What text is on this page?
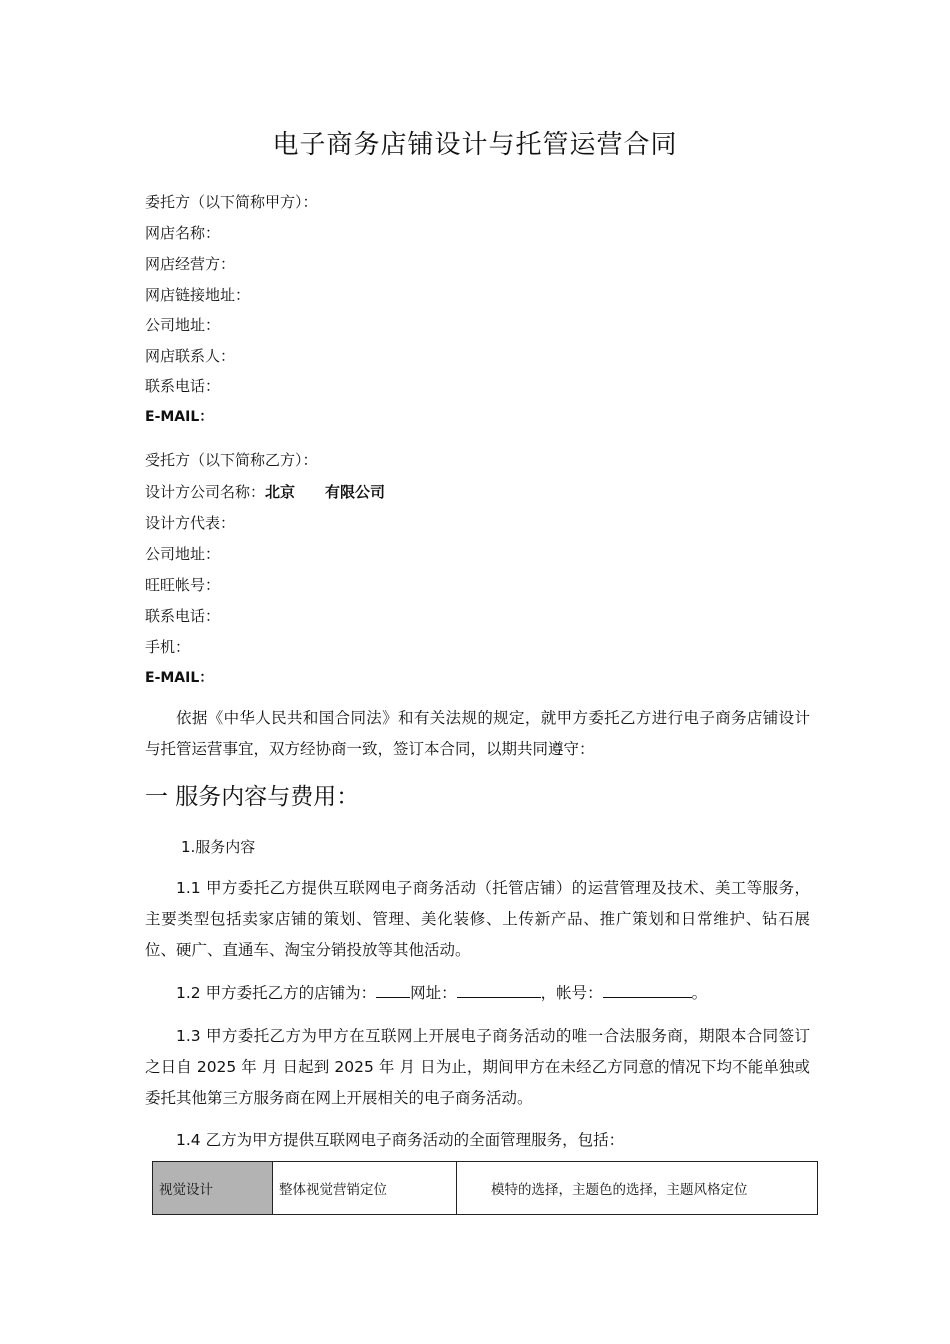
电子商务店铺设计与托管运营合同
委托方（以下简称甲方）：
网店名称：
网店经营方：
网店链接地址：
公司地址：
网店联系人：
联系电话：
E-MAIL：
受托方（以下简称乙方）：
设计方公司名称：北京 有限公司
设计方代表：
公司地址：
旺旺帐号：
联系电话：
手机：
E-MAIL：
依据《中华人民共和国合同法》和有关法规的规定，就甲方委托乙方进行电子商务店铺设计与托管运营事宜，双方经协商一致，签订本合同，以期共同遵守：
一 服务内容与费用：
1.服务内容
1.1 甲方委托乙方提供互联网电子商务活动（托管店铺）的运营管理及技术、美工等服务，主要类型包括卖家店铺的策划、管理、美化装修、上传新产品、推广策划和日常维护、钻石展位、硬广、直通车、淘宝分销投放等其他活动。
1.2 甲方委托乙方的店铺为： 网址：	，帐号：	。
1.3 甲方委托乙方为甲方在互联网上开展电子商务活动的唯一合法服务商，期限本合同签订之日自 2025 年 月 日起到 2025 年 月 日为止，期间甲方在未经乙方同意的情况下均不能单独或委托其他第三方服务商在网上开展相关的电子商务活动。
1.4 乙方为甲方提供互联网电子商务活动的全面管理服务，包括：
视觉设计	整体视觉营销定位	模特的选择，主题色的选择，主题风格定位
